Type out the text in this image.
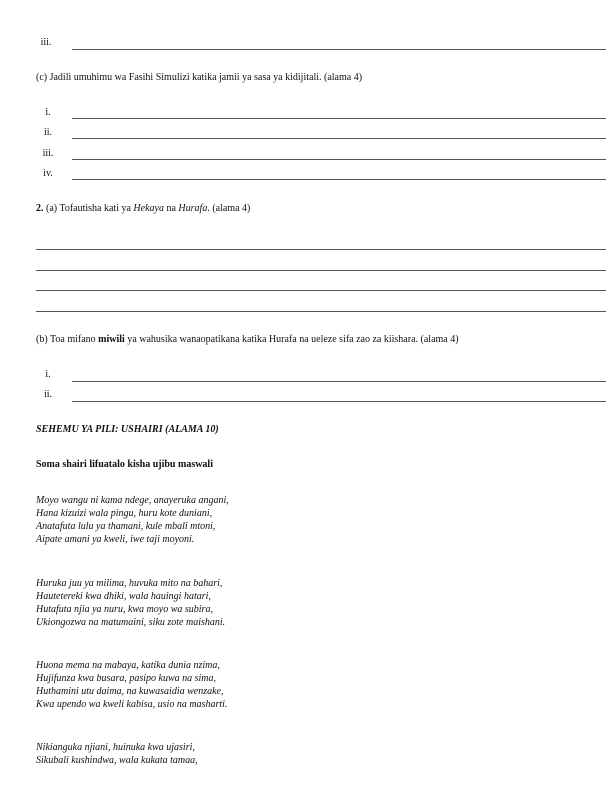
iii.
(c) Jadili umuhimu wa Fasihi Simulizi katika jamii ya sasa ya kidijitali. (alama 4)
i.
ii.
iii.
iv.
2. (a) Tofautisha kati ya Hekaya na Hurafa. (alama 4)
(b) Toa mifano miwili ya wahusika wanaopatikana katika Hurafa na ueleze sifa zao za kiishara. (alama 4)
i.
ii.
SEHEMU YA PILI: USHAIRI (ALAMA 10)
Soma shairi lifuatalo kisha ujibu maswali
Moyo wangu ni kama ndege, anayeruka angani,
Hana kizuizi wala pingu, huru kote duniani,
Anatafuta lulu ya thamani, kule mbali mtoni,
Aipate amani ya kweli, iwe taji moyoni.
Huruka juu ya milima, huvuka mito na bahari,
Hautetereki kwa dhiki, wala hauingi hatari,
Hutafuta njia ya nuru, kwa moyo wa subira,
Ukiongozwa na matumaini, siku zote maishani.
Huona mema na mabaya, katika dunia nzima,
Hujifunza kwa busara, pasipo kuwa na sima,
Huthamini utu daima, na kuwasaidia wenzake,
Kwa upendo wa kweli kabisa, usio na masharti.
Nikianguka njiani, huinuka kwa ujasiri,
Sikubali kushindwa, wala kukata tamaa,
